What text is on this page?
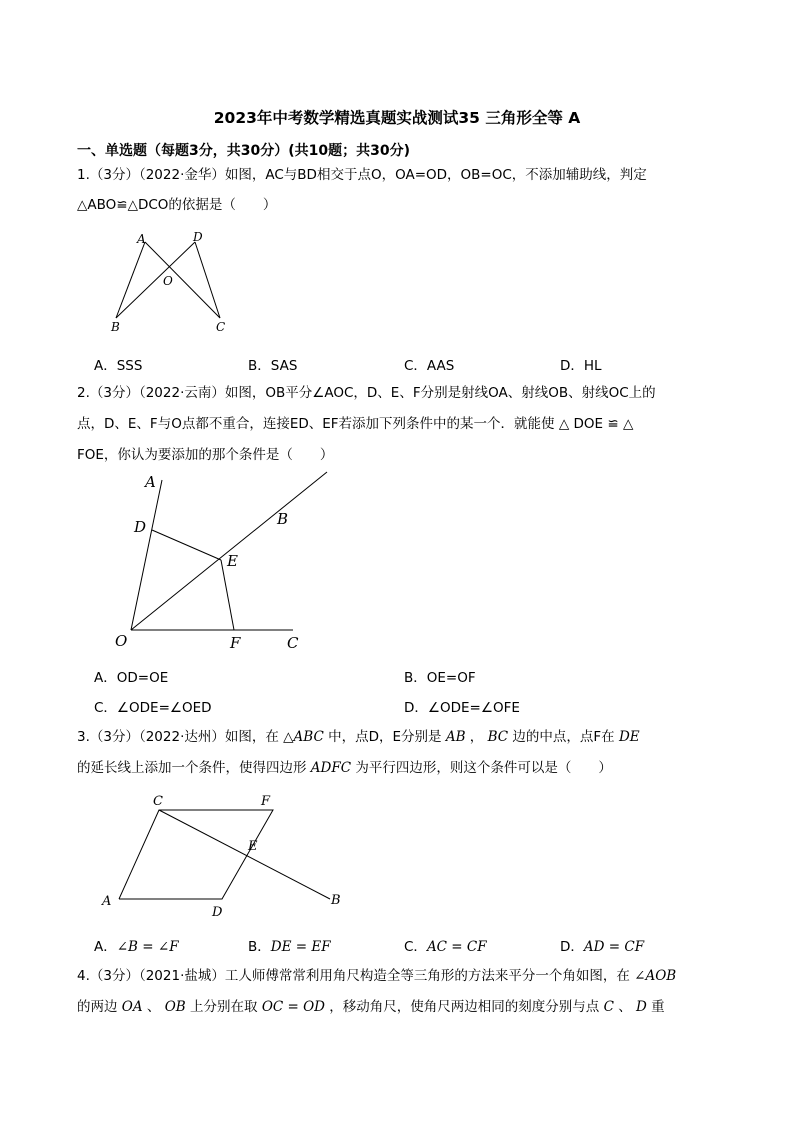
2023年中考数学精选真题实战测试35 三角形全等 A
一、单选题（每题3分，共30分）(共10题；共30分)
1.（3分）（2022·金华）如图，AC与BD相交于点O，OA=OD，OB=OC，不添加辅助线，判定
△ABO≌△DCO的依据是（　　）
A	D
O
B	C
A．SSS	B．SAS	C．AAS	D．HL
2.（3分）（2022·云南）如图，OB平分∠AOC，D、E、F分别是射线OA、射线OB、射线OC上的
点，D、E、F与O点都不重合，连接ED、EF若添加下列条件中的某一个．就能使 △ DOE ≌ △
FOE，你认为要添加的那个条件是（　　）
A
D	B
E
O	F	C
A．OD=OE	B．OE=OF
C．∠ODE=∠OED	D．∠ODE=∠OFE
3.（3分）（2022·达州）如图，在 △ABC 中，点D，E分别是 AB ， BC 边的中点，点F在 DE
的延长线上添加一个条件，使得四边形 ADFC 为平行四边形，则这个条件可以是（　　）
C	F
E
A
D
B
A．∠B = ∠F	B．DE = EF	C．AC = CF	D．AD = CF
4.（3分）（2021·盐城）工人师傅常常利用角尺构造全等三角形的方法来平分一个角如图，在 ∠AOB
的两边 OA 、 OB 上分别在取 OC = OD ，移动角尺，使角尺两边相同的刻度分别与点 C 、 D 重
